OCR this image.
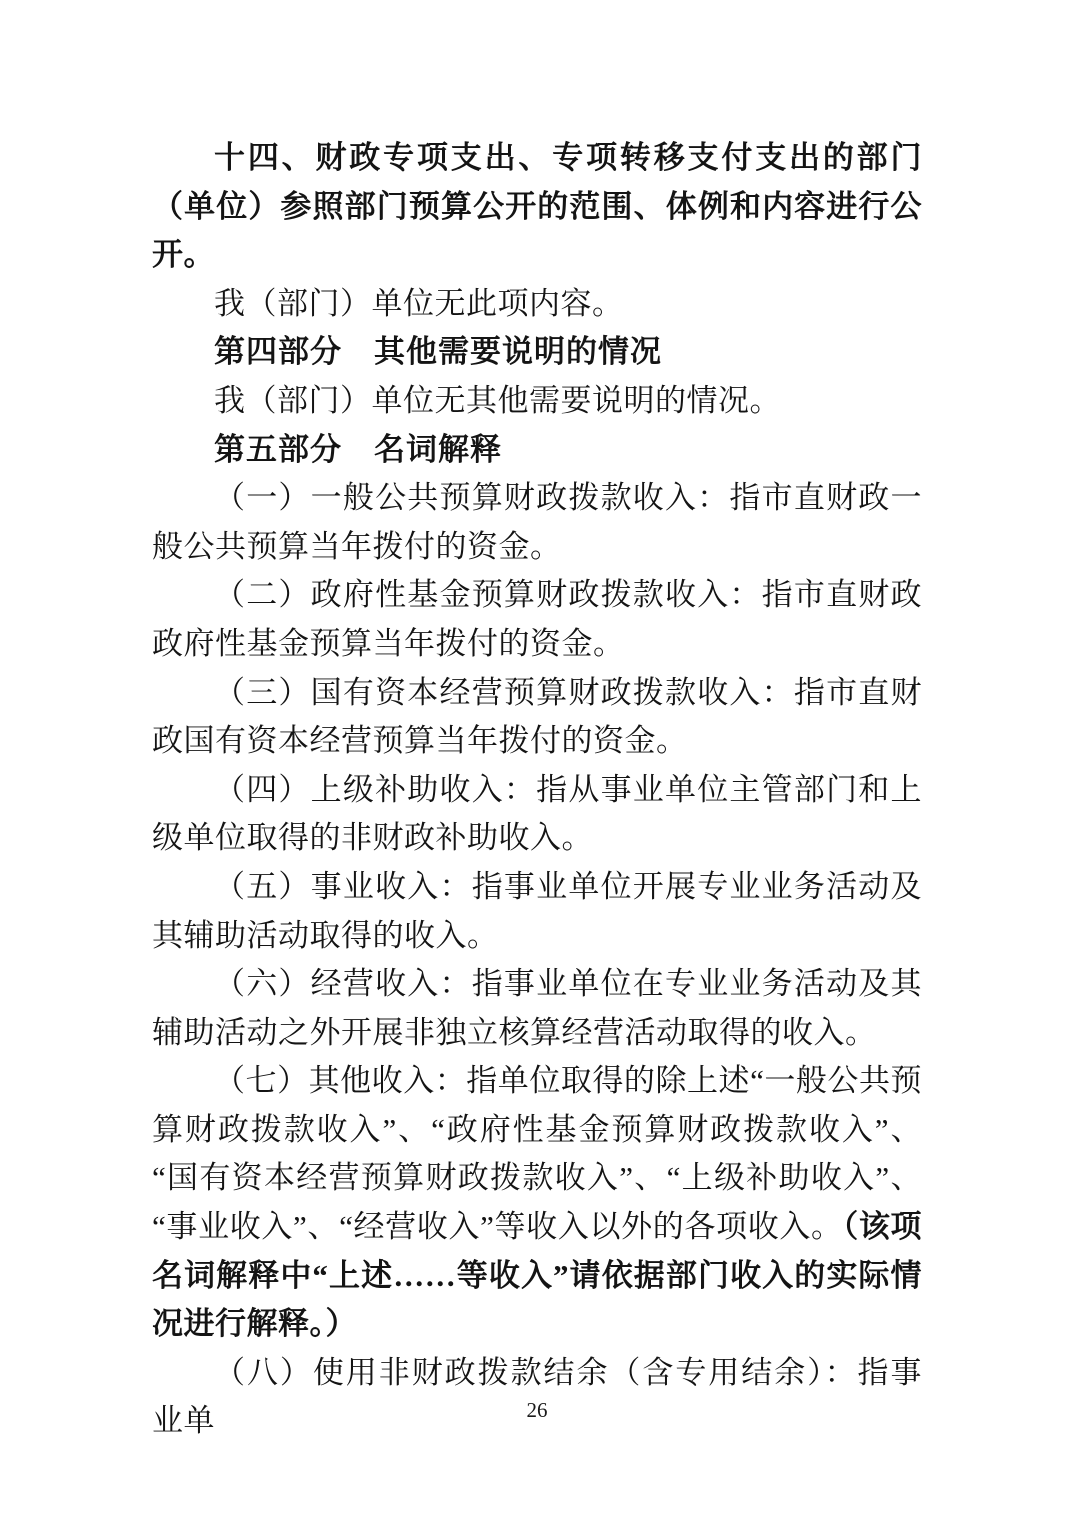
十四、财政专项支出、专项转移支付支出的部门（单位）参照部门预算公开的范围、体例和内容进行公开。

我（部门）单位无此项内容。

第四部分　其他需要说明的情况

我（部门）单位无其他需要说明的情况。

第五部分　名词解释

（一）一般公共预算财政拨款收入：指市直财政一般公共预算当年拨付的资金。

（二）政府性基金预算财政拨款收入：指市直财政政府性基金预算当年拨付的资金。

（三）国有资本经营预算财政拨款收入：指市直财政国有资本经营预算当年拨付的资金。

（四）上级补助收入：指从事业单位主管部门和上级单位取得的非财政补助收入。

（五）事业收入：指事业单位开展专业业务活动及其辅助活动取得的收入。

（六）经营收入：指事业单位在专业业务活动及其辅助活动之外开展非独立核算经营活动取得的收入。

（七）其他收入：指单位取得的除上述“一般公共预算财政拨款收入”、“政府性基金预算财政拨款收入”、“国有资本经营预算财政拨款收入”、“上级补助收入”、“事业收入”、“经营收入”等收入以外的各项收入。（该项名词解释中“上述……等收入”请依据部门收入的实际情况进行解释。）

（八）使用非财政拨款结余（含专用结余）：指事业单	26
